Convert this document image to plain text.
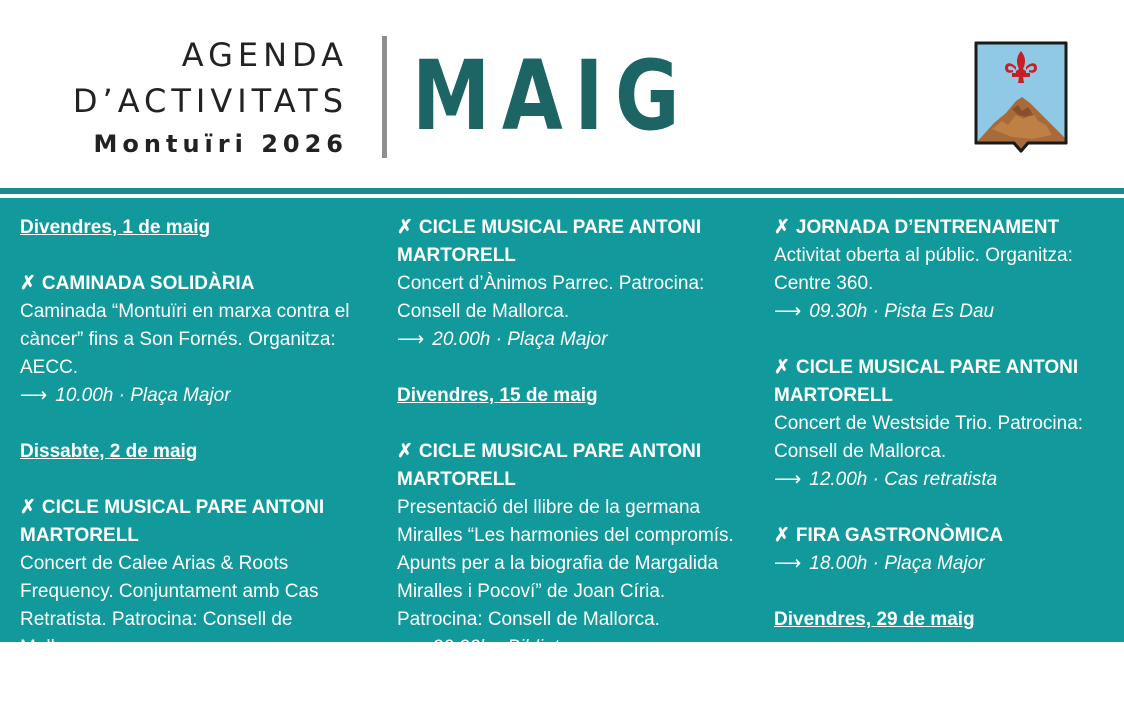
AGENDA
D’ACTIVITATS
Montuïri 2026 MAIG
Divendres, 1 de maig
✗ CAMINADA SOLIDÀRIA
Caminada “Montuïri en marxa contra el càncer” fins a Son Fornés. Organitza: AECC.
⟶ 10.00h · Plaça Major
Dissabte, 2 de maig
✗ CICLE MUSICAL PARE ANTONI MARTORELL
Concert de Calee Arias & Roots Frequency. Conjuntament amb Cas Retratista. Patrocina: Consell de Mallorca.
⟶ 20.00h · Placeta del molí d'en Nofre
✗ CICLE MUSICAL PARE ANTONI MARTORELL
Concert d’Ànimos Parrec. Patrocina: Consell de Mallorca.
⟶ 20.00h · Plaça Major
Divendres, 15 de maig
✗ CICLE MUSICAL PARE ANTONI MARTORELL
Presentació del llibre de la germana Miralles “Les harmonies del compromís. Apunts per a la biografia de Margalida Miralles i Pocoví” de Joan Círia. Patrocina: Consell de Mallorca.
⟶ 20.00h · Biblioteca
✗ JORNADA D’ENTRENAMENT
Activitat oberta al públic. Organitza: Centre 360.
⟶ 09.30h · Pista Es Dau
✗ CICLE MUSICAL PARE ANTONI MARTORELL
Concert de Westside Trio. Patrocina: Consell de Mallorca.
⟶ 12.00h · Cas retratista
✗ FIRA GASTRONÒMICA
⟶ 18.00h · Plaça Major
Divendres, 29 de maig
